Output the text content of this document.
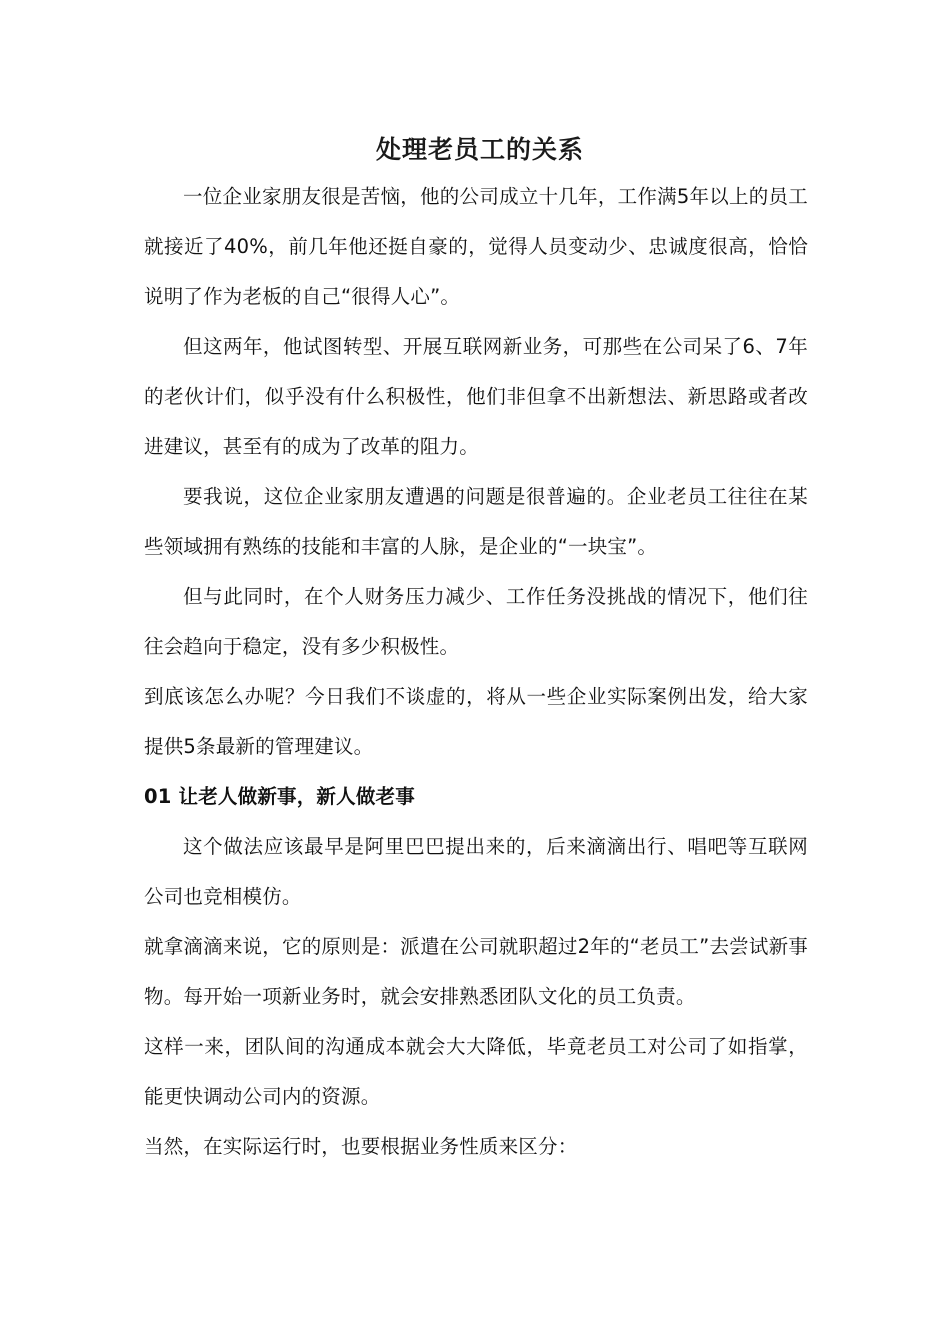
处理老员工的关系

一位企业家朋友很是苦恼，他的公司成立十几年，工作满5年以上的员工就接近了40%，前几年他还挺自豪的，觉得人员变动少、忠诚度很高，恰恰说明了作为老板的自己“很得人心”。

但这两年，他试图转型、开展互联网新业务，可那些在公司呆了6、7年的老伙计们，似乎没有什么积极性，他们非但拿不出新想法、新思路或者改进建议，甚至有的成为了改革的阻力。

要我说，这位企业家朋友遭遇的问题是很普遍的。企业老员工往往在某些领域拥有熟练的技能和丰富的人脉，是企业的“一块宝”。

但与此同时，在个人财务压力减少、工作任务没挑战的情况下，他们往往会趋向于稳定，没有多少积极性。

到底该怎么办呢？今日我们不谈虚的，将从一些企业实际案例出发，给大家提供5条最新的管理建议。

01 让老人做新事，新人做老事

这个做法应该最早是阿里巴巴提出来的，后来滴滴出行、唱吧等互联网公司也竞相模仿。

就拿滴滴来说，它的原则是：派遣在公司就职超过2年的“老员工”去尝试新事物。每开始一项新业务时，就会安排熟悉团队文化的员工负责。

这样一来，团队间的沟通成本就会大大降低，毕竟老员工对公司了如指掌，能更快调动公司内的资源。

当然，在实际运行时，也要根据业务性质来区分：
